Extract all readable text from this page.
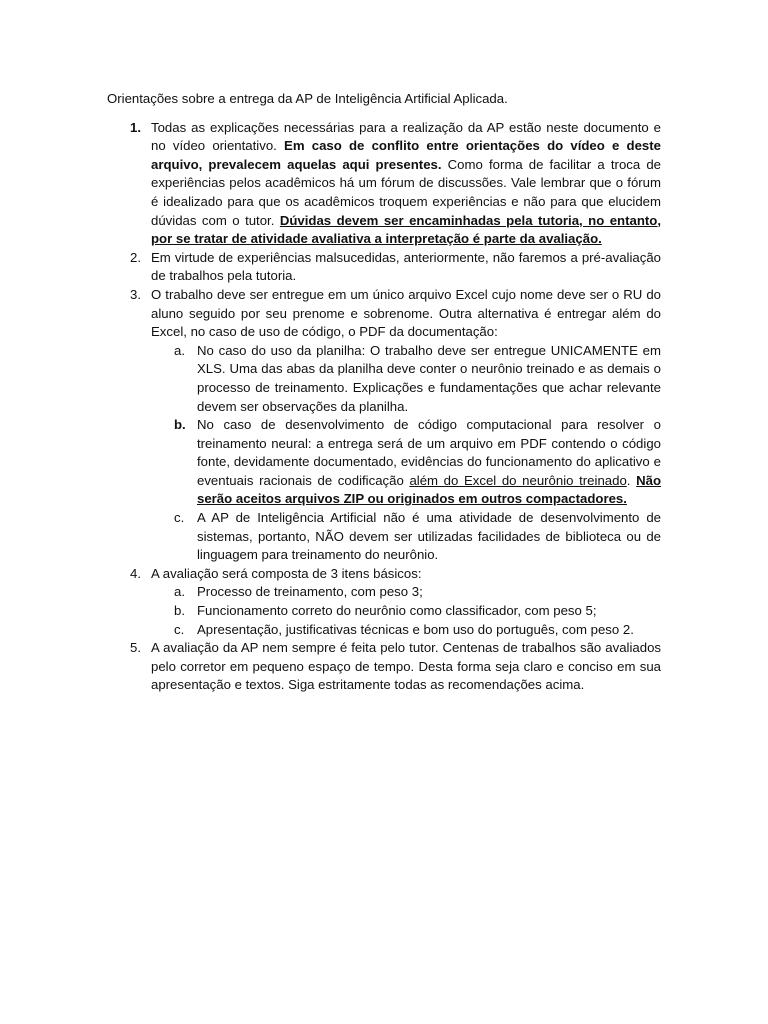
Orientações sobre a entrega da AP de Inteligência Artificial Aplicada.

1. Todas as explicações necessárias para a realização da AP estão neste documento e no vídeo orientativo. Em caso de conflito entre orientações do vídeo e deste arquivo, prevalecem aquelas aqui presentes. Como forma de facilitar a troca de experiências pelos acadêmicos há um fórum de discussões. Vale lembrar que o fórum é idealizado para que os acadêmicos troquem experiências e não para que elucidem dúvidas com o tutor. Dúvidas devem ser encaminhadas pela tutoria, no entanto, por se tratar de atividade avaliativa a interpretação é parte da avaliação.
2. Em virtude de experiências malsucedidas, anteriormente, não faremos a pré-avaliação de trabalhos pela tutoria.
3. O trabalho deve ser entregue em um único arquivo Excel cujo nome deve ser o RU do aluno seguido por seu prenome e sobrenome. Outra alternativa é entregar além do Excel, no caso de uso de código, o PDF da documentação:
a. No caso do uso da planilha: O trabalho deve ser entregue UNICAMENTE em XLS. Uma das abas da planilha deve conter o neurônio treinado e as demais o processo de treinamento. Explicações e fundamentações que achar relevante devem ser observações da planilha.
b. No caso de desenvolvimento de código computacional para resolver o treinamento neural: a entrega será de um arquivo em PDF contendo o código fonte, devidamente documentado, evidências do funcionamento do aplicativo e eventuais racionais de codificação além do Excel do neurônio treinado. Não serão aceitos arquivos ZIP ou originados em outros compactadores.
c. A AP de Inteligência Artificial não é uma atividade de desenvolvimento de sistemas, portanto, NÃO devem ser utilizadas facilidades de biblioteca ou de linguagem para treinamento do neurônio.
4. A avaliação será composta de 3 itens básicos:
a. Processo de treinamento, com peso 3;
b. Funcionamento correto do neurônio como classificador, com peso 5;
c. Apresentação, justificativas técnicas e bom uso do português, com peso 2.
5. A avaliação da AP nem sempre é feita pelo tutor. Centenas de trabalhos são avaliados pelo corretor em pequeno espaço de tempo. Desta forma seja claro e conciso em sua apresentação e textos. Siga estritamente todas as recomendações acima.
